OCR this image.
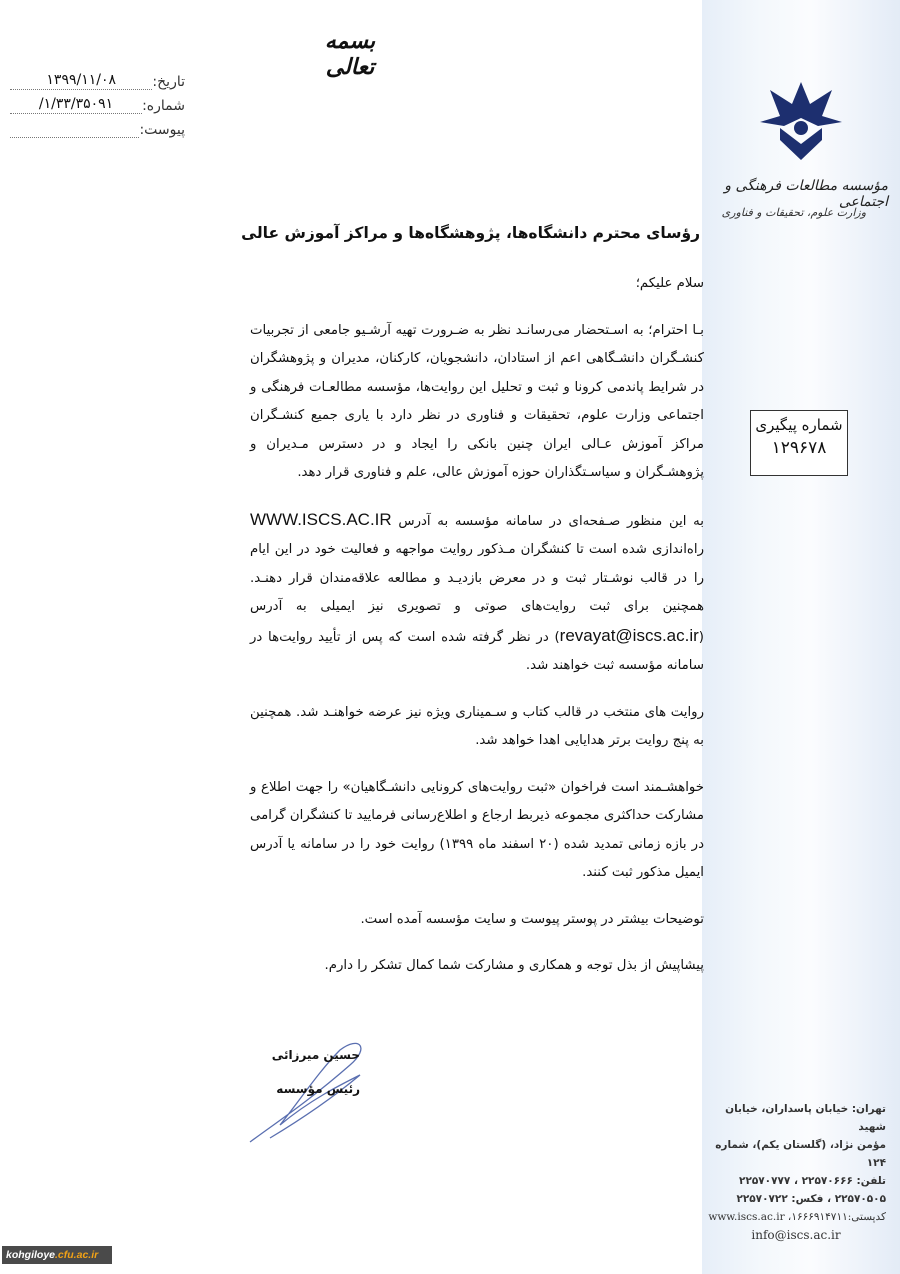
مؤسسه مطالعات فرهنگی و اجتماعی
وزارت علوم، تحقیقات و فناوری
شماره پیگیری
۱۲۹۶۷۸
تهران: خیابان پاسداران، خیابان شهید
مؤمن نژاد، (گلستان یکم)، شماره ۱۲۴
تلفن: ۲۲۵۷۰۶۶۶ ، ۲۲۵۷۰۷۷۷
۲۲۵۷۰۵۰۵ ، فکس: ۲۲۵۷۰۷۲۲
کدپستی:۱۶۶۶۹۱۴۷۱۱، www.iscs.ac.ir
info@iscs.ac.ir
بسمه تعالی
تاریخ:
۱۳۹۹/۱۱/۰۸
شماره:
/۱/۳۳/۳۵۰۹۱
پیوست:
رؤسای محترم دانشگاه‌ها، پژوهشگاه‌ها و مراکز آموزش عالی

سلام علیکم؛

بـا احترام؛ به اسـتحضار می‌رسانـد نظر به ضـرورت تهیه آرشـیو جامعی از تجربیات کنشـگران دانشـگاهی اعم از استادان، دانشجویان، کارکنان، مدیران و پژوهشگران در شرایط پاندمی کرونا و ثبت و تحلیل این روایت‌ها، مؤسسه مطالعـات فرهنگی و اجتماعی وزارت علوم، تحقیقات و فناوری در نظر دارد با یاری جمیع کنشـگران مراکز آموزش عـالی ایران چنین بانکی را ایجاد و در دسترس مـدیران و پژوهشـگران و سیاسـتگذاران حوزه آموزش عالی، علم و فناوری قرار دهد.

به این منظور صـفحه‌ای در سامانه مؤسسه به آدرس WWW.ISCS.AC.IR راه‌اندازی شده است تا کنشگران مـذکور روایت مواجهه و فعالیت خود در این ایام را در قالب نوشـتار ثبت و در معرض بازدیـد و مطالعه علاقه‌مندان قرار دهنـد. همچنین برای ثبت روایت‌های صوتی و تصویری نیز ایمیلی به آدرس (revayat@iscs.ac.ir) در نظر گرفته شده است که پس از تأیید روایت‌ها در سامانه مؤسسه ثبت خواهند شد.

روایت های منتخب در قالب کتاب و سـمیناری ویژه نیز عرضه خواهنـد شد. همچنین به پنج روایت برتر هدایایی اهدا خواهد شد.

خواهشـمند است فراخوان «ثبت روایت‌های کرونایی دانشـگاهیان» را جهت اطلاع و مشارکت حداکثری مجموعه ذیربط ارجاع و اطلاع‌رسانی فرمایید تا کنشگران گرامی در بازه زمانی تمدید شده (۲۰ اسفند ماه ۱۳۹۹) روایت خود را در سامانه یا آدرس ایمیل مذکور ثبت کنند.

توضیحات بیشتر در پوستر پیوست و سایت مؤسسه آمده است.

پیشاپیش از بذل توجه و همکاری و مشارکت شما کمال تشکر را دارم.

حسین میرزائی
رئیس مؤسسه
kohgiloye.cfu.ac.ir
